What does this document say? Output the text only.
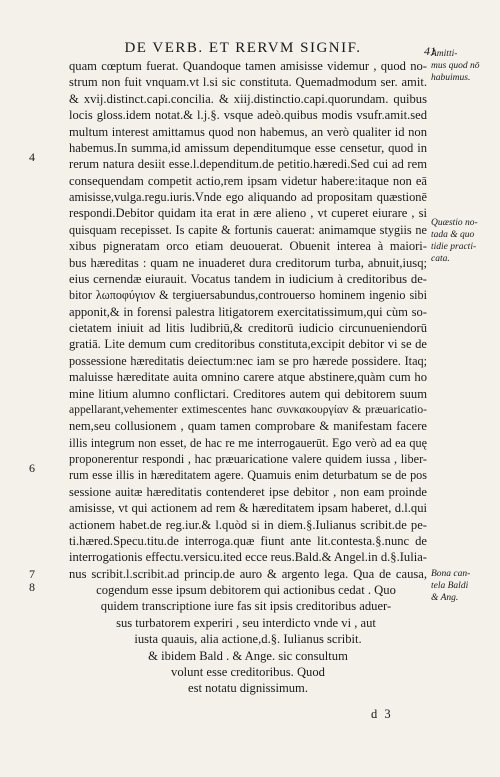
DE VERB. ET RERVM SIGNIF.	41
quam cœptum fuerat. Quandoque tamen amisisse videmur , quod no-
strum non fuit vnquam.vt l.si sic constituta. Quemadmodum ser. amit.
& xvij.distinct.capi.concilia. & xiij.distinctio.capi.quorundam. quibus
locis gloss.idem notat.& l.j.§. vsque adeò.quibus modis vsufr.amit.sed
multum interest amittamus quod non habemus, an verò qualiter id non
habemus.In summa,id amissum dependitumque esse censetur, quod in
rerum natura desiit esse.l.dependitum.de petitio.hæredi.Sed cui ad rem
consequendam competit actio,rem ipsam videtur habere:itaque non eā
amisisse,vulga.regu.iuris.Vnde ego aliquando ad propositam quæstionē
respondi.Debitor quidam ita erat in ære alieno , vt cuperet eiurare , si
quisquam recepisset. Is capite & fortunis cauerat: animamque stygiis ne
xibus pigneratam orco etiam deuouerat. Obuenit interea à maiori-
bus hæreditas : quam ne inuaderet dura creditorum turba, abnuit,iusq;
eius cernendæ eiurauit. Vocatus tandem in iudicium à creditoribus de-
bitor λωποφύγιον & tergiuersabundus,controuerso hominem ingenio sibi
apponit,& in forensi palestra litigatorem exercitatissimum,qui cùm so-
cietatem iniuit ad litis ludibriū,& creditorū iudicio circunueniendorū
gratiā. Lite demum cum creditoribus constituta,excipit debitor vi se de
possessione hæreditatis deiectum:nec iam se pro hærede possidere. Itaq;
maluisse hæreditate auita omnino carere atque abstinere,quàm cum ho
mine litium alumno conflictari. Creditores autem qui debitorem suum
appellarant,vehementer extimescentes hanc συνκακουργίαν & præuaricatio-
nem,seu collusionem , quam tamen comprobare & manifestam facere
illis integrum non esset, de hac re me interrogauerūt. Ego verò ad ea quę
proponerentur respondi , hac præuaricatione valere quidem iussa , liber-
rum esse illis in hæreditatem agere. Quamuis enim deturbatum se de pos
sessione auitæ hæreditatis contenderet ipse debitor , non eam proinde
amisisse, vt qui actionem ad rem & hæreditatem ipsam haberet, d.l.qui
actionem habet.de reg.iur.& l.quòd si in diem.§.Iulianus scribit.de pe-
ti.hæred.Specu.titu.de interroga.quæ fiunt ante lit.contesta.§.nunc de
interrogationis effectu.versicu.ited ecce reus.Bald.& Angel.in d.§.Iulia-
nus scribit.l.scribit.ad princip.de auro & argento lega. Qua de causa,
cogendum esse ipsum debitorem qui actionibus cedat . Quo
quidem transcriptione iure fas sit ipsis creditoribus aduer-
sus turbatorem experiri , seu interdicto vnde vi , aut
iusta quauis, alia actione,d.§. Iulianus scribit.
& ibidem Bald . & Ange. sic consultum
volunt esse creditoribus. Quod
est notatu dignissimum.
Amitti-
mus quod nō
habuimus.
Quæstio no-
tada & quo
tidie practi-
cata.
Bona can-
tela Baldi
& Ang.
4
6
7
8
d 3
